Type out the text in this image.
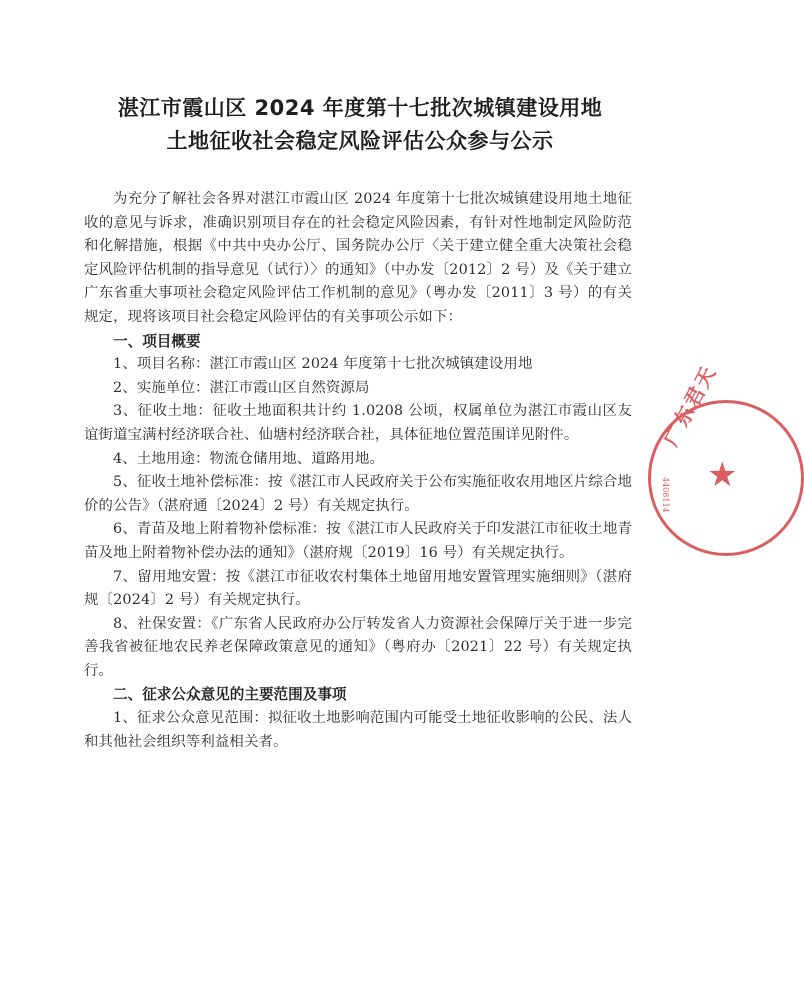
湛江市霞山区 2024 年度第十七批次城镇建设用地
土地征收社会稳定风险评估公众参与公示

为充分了解社会各界对湛江市霞山区 2024 年度第十七批次城镇建设用地土地征收的意见与诉求，准确识别项目存在的社会稳定风险因素，有针对性地制定风险防范和化解措施，根据《中共中央办公厅、国务院办公厅〈关于建立健全重大决策社会稳定风险评估机制的指导意见（试行）〉的通知》（中办发〔2012〕2 号）及《关于建立广东省重大事项社会稳定风险评估工作机制的意见》（粤办发〔2011〕3 号）的有关规定，现将该项目社会稳定风险评估的有关事项公示如下：

一、项目概要

1、项目名称：湛江市霞山区 2024 年度第十七批次城镇建设用地

2、实施单位：湛江市霞山区自然资源局

3、征收土地：征收土地面积共计约 1.0208 公顷，权属单位为湛江市霞山区友谊街道宝满村经济联合社、仙塘村经济联合社，具体征地位置范围详见附件。

4、土地用途：物流仓储用地、道路用地。

5、征收土地补偿标准：按《湛江市人民政府关于公布实施征收农用地区片综合地价的公告》（湛府通〔2024〕2 号）有关规定执行。

6、青苗及地上附着物补偿标准：按《湛江市人民政府关于印发湛江市征收土地青苗及地上附着物补偿办法的通知》（湛府规〔2019〕16 号）有关规定执行。

7、留用地安置：按《湛江市征收农村集体土地留用地安置管理实施细则》（湛府规〔2024〕2 号）有关规定执行。

8、社保安置：《广东省人民政府办公厅转发省人力资源社会保障厅关于进一步完善我省被征地农民养老保障政策意见的通知》（粤府办〔2021〕22 号）有关规定执行。

二、征求公众意见的主要范围及事项

1、征求公众意见范围：拟征收土地影响范围内可能受土地征收影响的公民、法人和其他社会组织等利益相关者。

广东君天
4408114 ★
